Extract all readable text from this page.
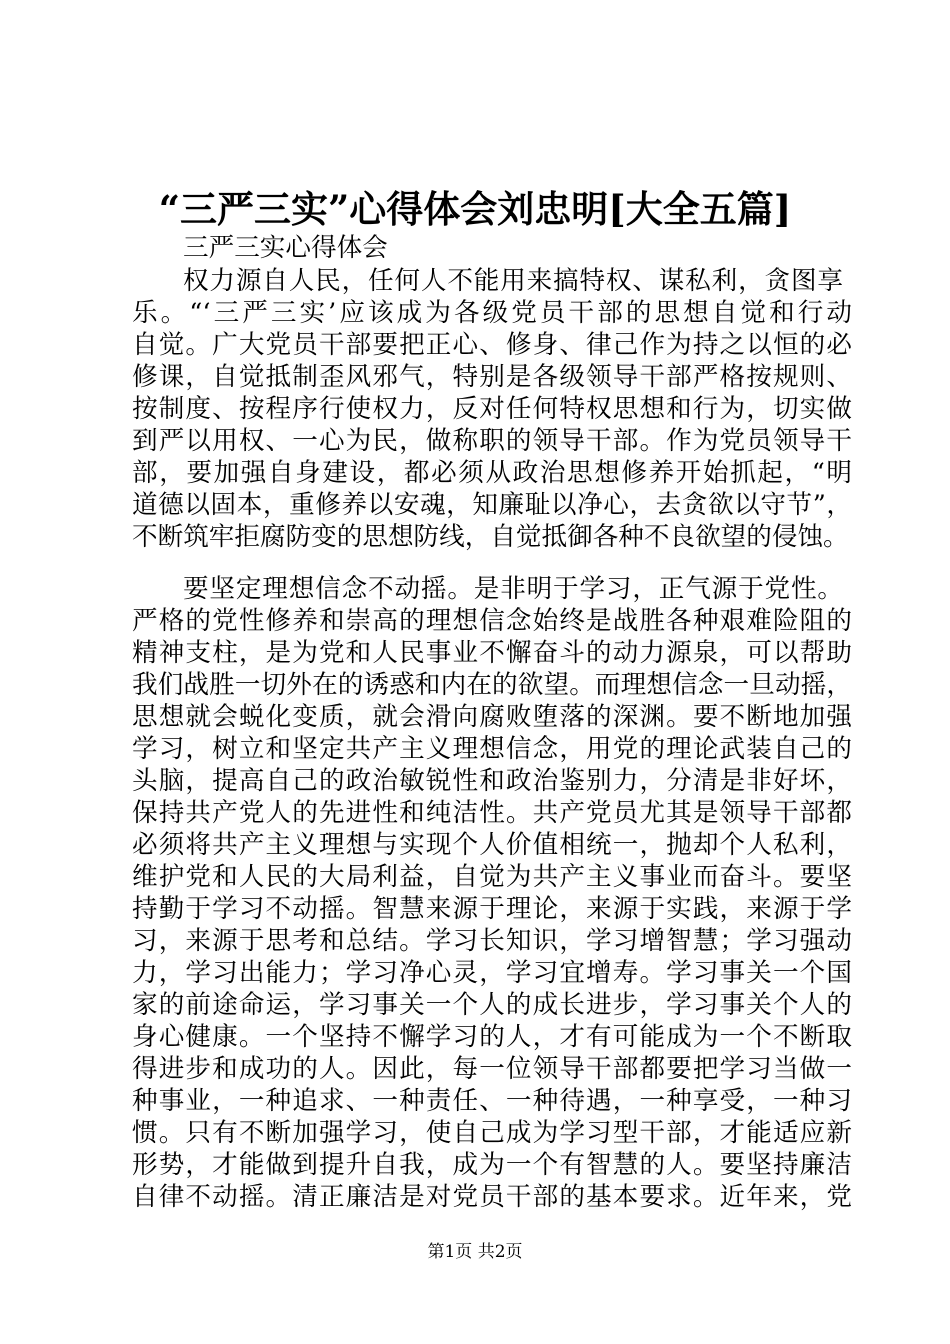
“三严三实”心得体会刘忠明[大全五篇]
三严三实心得体会
权力源自人民，任何人不能用来搞特权、谋私利，贪图享
乐。“‘三严三实’应该成为各级党员干部的思想自觉和行动
自觉。广大党员干部要把正心、修身、律己作为持之以恒的必
修课，自觉抵制歪风邪气，特别是各级领导干部严格按规则、
按制度、按程序行使权力，反对任何特权思想和行为，切实做
到严以用权、一心为民，做称职的领导干部。作为党员领导干
部，要加强自身建设，都必须从政治思想修养开始抓起，“明
道德以固本，重修养以安魂，知廉耻以净心，去贪欲以守节”，
不断筑牢拒腐防变的思想防线，自觉抵御各种不良欲望的侵蚀。
要坚定理想信念不动摇。是非明于学习，正气源于党性。
严格的党性修养和崇高的理想信念始终是战胜各种艰难险阻的
精神支柱，是为党和人民事业不懈奋斗的动力源泉，可以帮助
我们战胜一切外在的诱惑和内在的欲望。而理想信念一旦动摇，
思想就会蜕化变质，就会滑向腐败堕落的深渊。要不断地加强
学习，树立和坚定共产主义理想信念，用党的理论武装自己的
头脑，提高自己的政治敏锐性和政治鉴别力，分清是非好坏，
保持共产党人的先进性和纯洁性。共产党员尤其是领导干部都
必须将共产主义理想与实现个人价值相统一，抛却个人私利，
维护党和人民的大局利益，自觉为共产主义事业而奋斗。要坚
持勤于学习不动摇。智慧来源于理论，来源于实践，来源于学
习，来源于思考和总结。学习长知识，学习增智慧；学习强动
力，学习出能力；学习净心灵，学习宜增寿。学习事关一个国
家的前途命运，学习事关一个人的成长进步，学习事关个人的
身心健康。一个坚持不懈学习的人，才有可能成为一个不断取
得进步和成功的人。因此，每一位领导干部都要把学习当做一
种事业，一种追求、一种责任、一种待遇，一种享受，一种习
惯。只有不断加强学习，使自己成为学习型干部，才能适应新
形势，才能做到提升自我，成为一个有智慧的人。要坚持廉洁
自律不动摇。清正廉洁是对党员干部的基本要求。近年来，党
第1页 共2页
